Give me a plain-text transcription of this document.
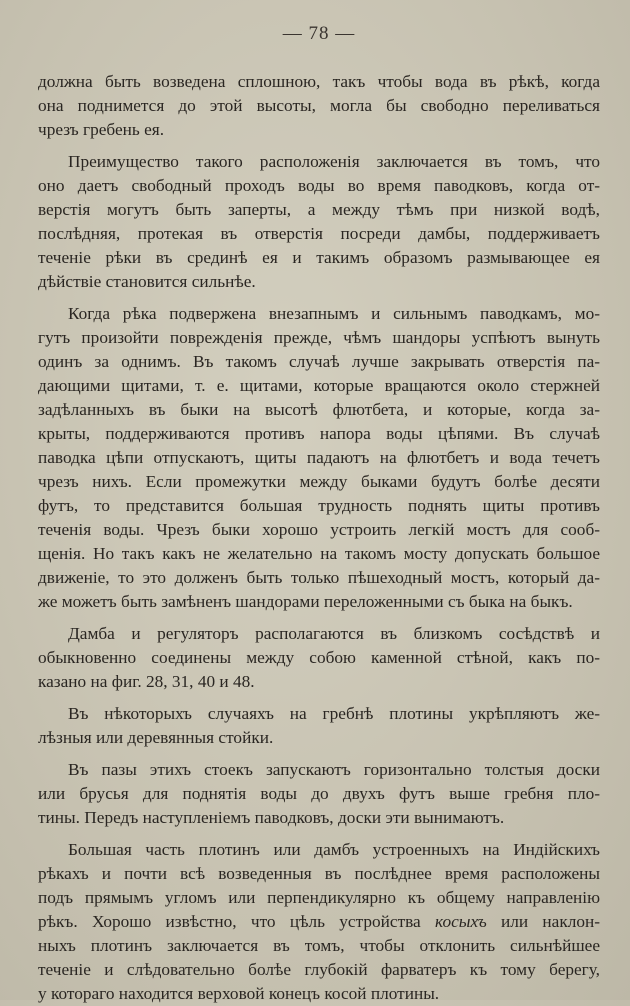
— 78 —

должна быть возведена сплошною, такъ чтобы вода въ рѣкѣ, когда
она поднимется до этой высоты, могла бы свободно переливаться
чрезъ гребень ея.

Преимущество такого расположенія заключается въ томъ, что
оно даетъ свободный проходъ воды во время паводковъ, когда от-
верстія могутъ быть заперты, а между тѣмъ при низкой водѣ,
послѣдняя, протекая въ отверстія посреди дамбы, поддерживаетъ
теченіе рѣки въ срединѣ ея и такимъ образомъ размывающее ея
дѣйствіе становится сильнѣе.

Когда рѣка подвержена внезапнымъ и сильнымъ паводкамъ, мо-
гутъ произойти поврежденія прежде, чѣмъ шандоры успѣютъ вынуть
одинъ за однимъ. Въ такомъ случаѣ лучше закрывать отверстія па-
дающими щитами, т. е. щитами, которые вращаются около стержней
задѣланныхъ въ быки на высотѣ флютбета, и которые, когда за-
крыты, поддерживаются противъ напора воды цѣпями. Въ случаѣ
паводка цѣпи отпускаютъ, щиты падаютъ на флютбетъ и вода течетъ
чрезъ нихъ. Если промежутки между быками будутъ болѣе десяти
футъ, то представится большая трудность поднять щиты противъ
теченія воды. Чрезъ быки хорошо устроить легкій мостъ для сооб-
щенія. Но такъ какъ не желательно на такомъ мосту допускать большое
движеніе, то это долженъ быть только пѣшеходный мостъ, который да-
же можетъ быть замѣненъ шандорами переложенными съ быка на быкъ.

Дамба и регуляторъ располагаются въ близкомъ сосѣдствѣ и
обыкновенно соединены между собою каменной стѣной, какъ по-
казано на фиг. 28, 31, 40 и 48.

Въ нѣкоторыхъ случаяхъ на гребнѣ плотины укрѣпляютъ же-
лѣзныя или деревянныя стойки.

Въ пазы этихъ стоекъ запускаютъ горизонтально толстыя доски
или брусья для поднятія воды до двухъ футъ выше гребня пло-
тины. Передъ наступленіемъ паводковъ, доски эти вынимаютъ.

Большая часть плотинъ или дамбъ устроенныхъ на Индійскихъ
рѣкахъ и почти всѣ возведенныя въ послѣднее время расположены
подъ прямымъ угломъ или перпендикулярно къ общему направленію
рѣкъ. Хорошо извѣстно, что цѣль устройства косыхъ или наклон-
ныхъ плотинъ заключается въ томъ, чтобы отклонить сильнѣйшее
теченіе и слѣдовательно болѣе глубокій фарватеръ къ тому берегу,
у котораго находится верховой конецъ косой плотины.
